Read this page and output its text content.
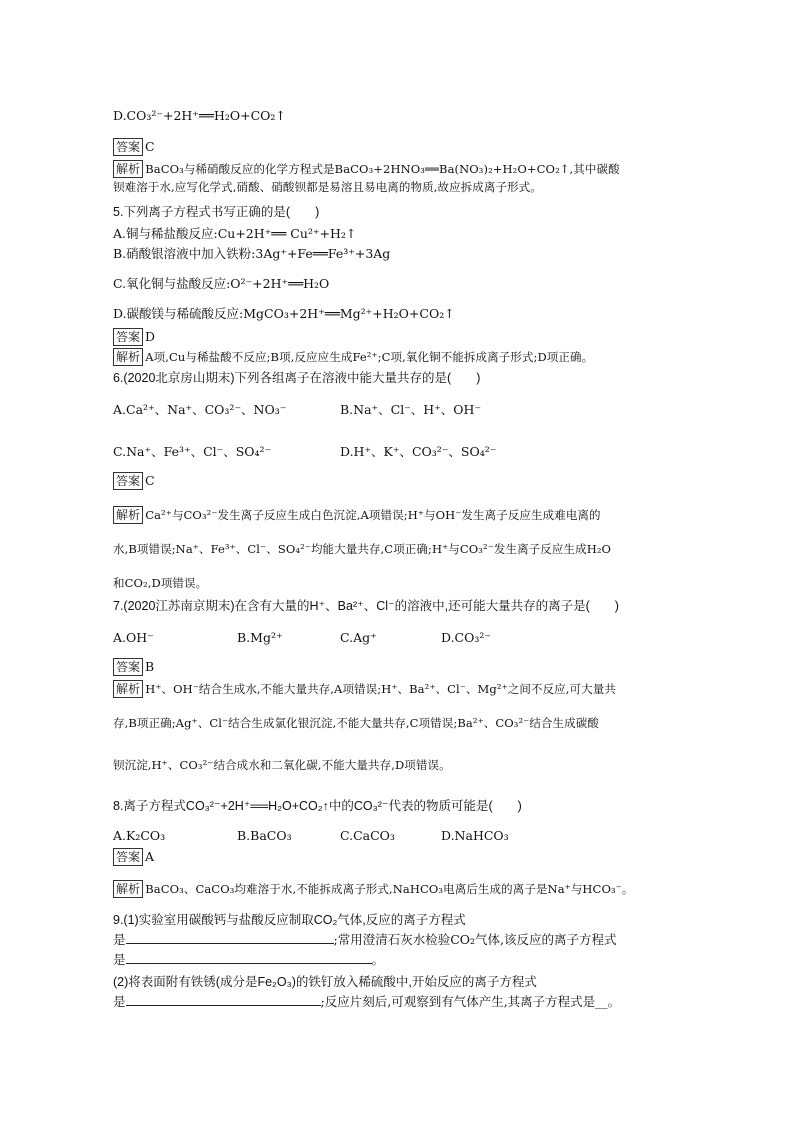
D.CO₃²⁻+2H⁺══H₂O+CO₂↑
答案 C
解析 BaCO₃与稀硝酸反应的化学方程式是BaCO₃+2HNO₃══Ba(NO₃)₂+H₂O+CO₂↑,其中碳酸
钡难溶于水,应写化学式,硝酸、硝酸钡都是易溶且易电离的物质,故应拆成离子形式。
5.下列离子方程式书写正确的是(　　)
A.铜与稀盐酸反应:Cu+2H⁺══ Cu²⁺+H₂↑
B.硝酸银溶液中加入铁粉:3Ag⁺+Fe══Fe³⁺+3Ag
C.氧化铜与盐酸反应:O²⁻+2H⁺══H₂O
D.碳酸镁与稀硫酸反应:MgCO₃+2H⁺══Mg²⁺+H₂O+CO₂↑
答案 D
解析 A项,Cu与稀盐酸不反应;B项,反应应生成Fe²⁺;C项,氧化铜不能拆成离子形式;D项正确。
6.(2020北京房山期末)下列各组离子在溶液中能大量共存的是(　　)
A.Ca²⁺、Na⁺、CO₃²⁻、NO₃⁻	B.Na⁺、Cl⁻、H⁺、OH⁻
C.Na⁺、Fe³⁺、Cl⁻、SO₄²⁻	D.H⁺、K⁺、CO₃²⁻、SO₄²⁻
答案 C
解析 Ca²⁺与CO₃²⁻发生离子反应生成白色沉淀,A项错误;H⁺与OH⁻发生离子反应生成难电离的
水,B项错误;Na⁺、Fe³⁺、Cl⁻、SO₄²⁻均能大量共存,C项正确;H⁺与CO₃²⁻发生离子反应生成H₂O
和CO₂,D项错误。
7.(2020江苏南京期末)在含有大量的H⁺、Ba²⁺、Cl⁻的溶液中,还可能大量共存的离子是(　　)
A.OH⁻	B.Mg²⁺	C.Ag⁺	D.CO₃²⁻
答案 B
解析 H⁺、OH⁻结合生成水,不能大量共存,A项错误;H⁺、Ba²⁺、Cl⁻、Mg²⁺之间不反应,可大量共
存,B项正确;Ag⁺、Cl⁻结合生成氯化银沉淀,不能大量共存,C项错误;Ba²⁺、CO₃²⁻结合生成碳酸
钡沉淀,H⁺、CO₃²⁻结合成水和二氧化碳,不能大量共存,D项错误。
8.离子方程式CO₃²⁻+2H⁺══H₂O+CO₂↑中的CO₃²⁻代表的物质可能是(　　)
A.K₂CO₃	B.BaCO₃	C.CaCO₃	D.NaHCO₃
答案 A
解析 BaCO₃、CaCO₃均难溶于水,不能拆成离子形式,NaHCO₃电离后生成的离子是Na⁺与HCO₃⁻。
9.(1)实验室用碳酸钙与盐酸反应制取CO₂气体,反应的离子方程式
是	;常用澄清石灰水检验CO₂气体,该反应的离子方程式
是	。
(2)将表面附有铁锈(成分是Fe₂O₃)的铁钉放入稀硫酸中,开始反应的离子方程式
是	;反应片刻后,可观察到有气体产生,其离子方程式是__。
